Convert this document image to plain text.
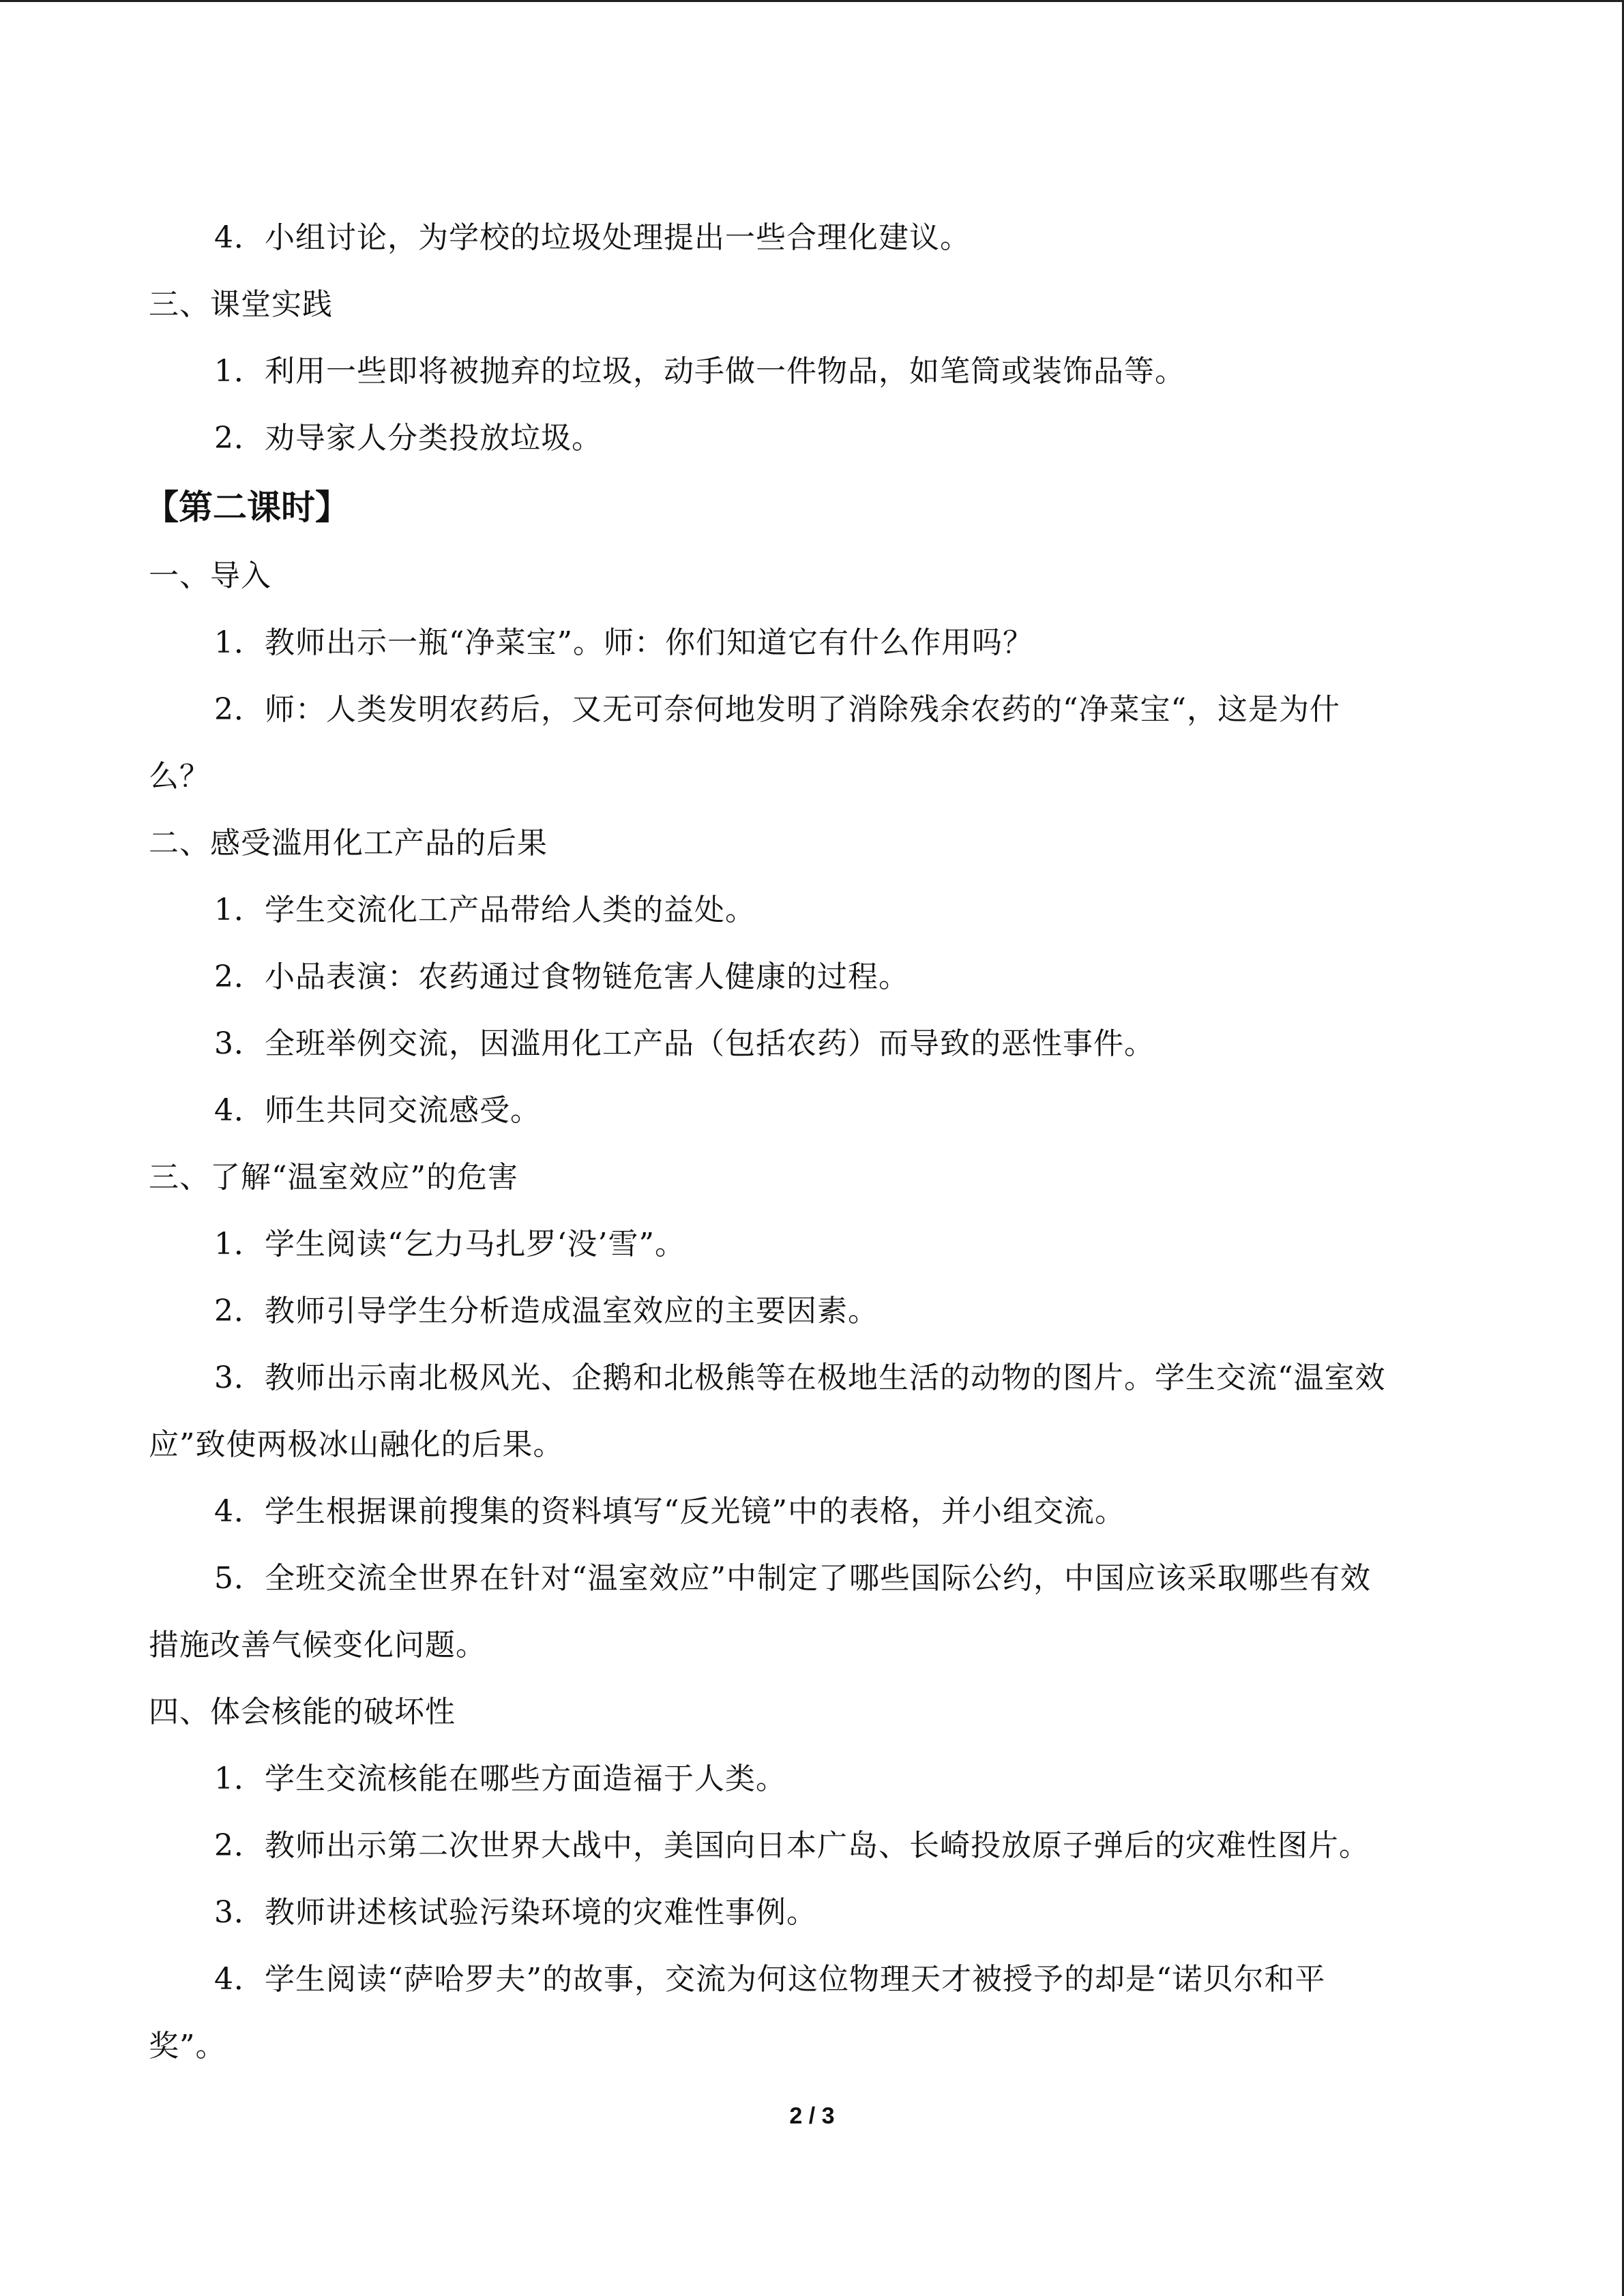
4．小组讨论，为学校的垃圾处理提出一些合理化建议。
三、课堂实践
1．利用一些即将被抛弃的垃圾，动手做一件物品，如笔筒或装饰品等。
2．劝导家人分类投放垃圾。
【第二课时】
一、导入
1．教师出示一瓶“净菜宝”。师：你们知道它有什么作用吗？
2．师：人类发明农药后，又无可奈何地发明了消除残余农药的“净菜宝“，这是为什
么？
二、感受滥用化工产品的后果
1．学生交流化工产品带给人类的益处。
2．小品表演：农药通过食物链危害人健康的过程。
3．全班举例交流，因滥用化工产品（包括农药）而导致的恶性事件。
4．师生共同交流感受。
三、了解“温室效应”的危害
1．学生阅读“乞力马扎罗‘没’雪”。
2．教师引导学生分析造成温室效应的主要因素。
3．教师出示南北极风光、企鹅和北极熊等在极地生活的动物的图片。学生交流“温室效
应”致使两极冰山融化的后果。
4．学生根据课前搜集的资料填写“反光镜”中的表格，并小组交流。
5．全班交流全世界在针对“温室效应”中制定了哪些国际公约，中国应该采取哪些有效
措施改善气候变化问题。
四、体会核能的破坏性
1．学生交流核能在哪些方面造福于人类。
2．教师出示第二次世界大战中，美国向日本广岛、长崎投放原子弹后的灾难性图片。
3．教师讲述核试验污染环境的灾难性事例。
4．学生阅读“萨哈罗夫”的故事，交流为何这位物理天才被授予的却是“诺贝尔和平
奖”。
2 / 3
